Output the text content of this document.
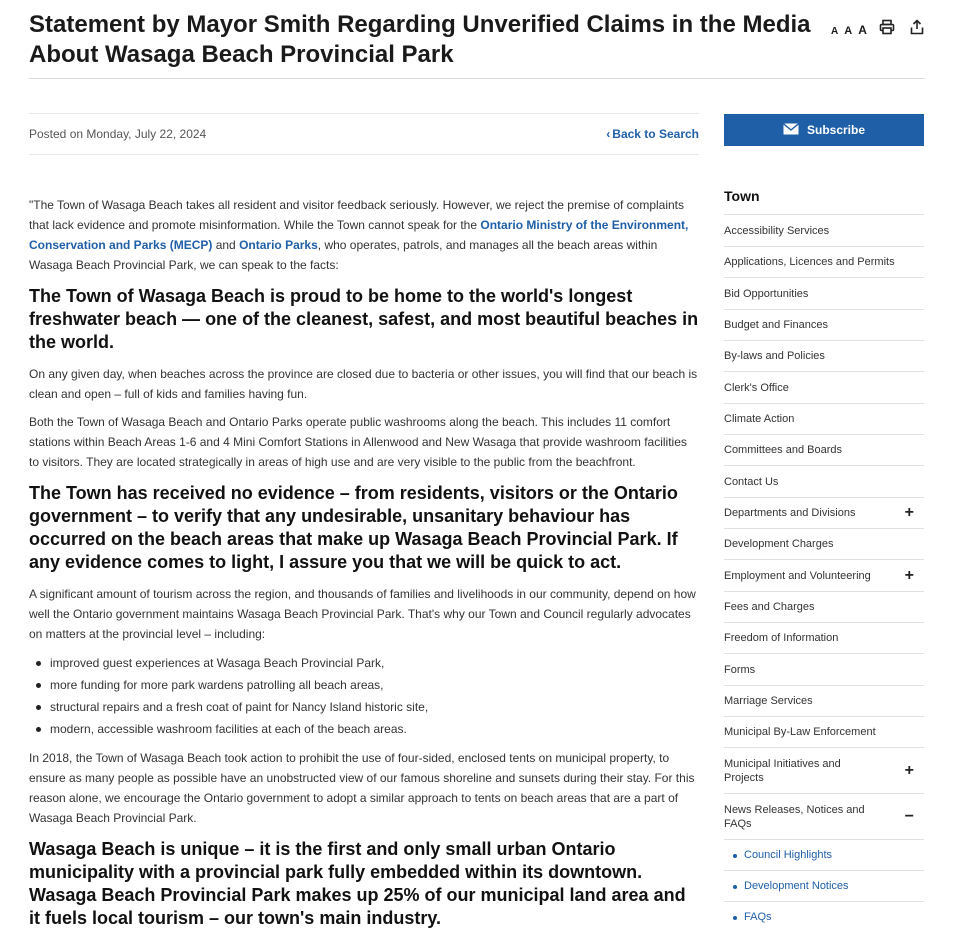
Statement by Mayor Smith Regarding Unverified Claims in the Media About Wasaga Beach Provincial Park
A A A
Posted on Monday, July 22, 2024	‹ Back to Search

"The Town of Wasaga Beach takes all resident and visitor feedback seriously. However, we reject the premise of complaints that lack evidence and promote misinformation. While the Town cannot speak for the Ontario Ministry of the Environment, Conservation and Parks (MECP) and Ontario Parks, who operates, patrols, and manages all the beach areas within Wasaga Beach Provincial Park, we can speak to the facts:

The Town of Wasaga Beach is proud to be home to the world's longest freshwater beach — one of the cleanest, safest, and most beautiful beaches in the world.

On any given day, when beaches across the province are closed due to bacteria or other issues, you will find that our beach is clean and open – full of kids and families having fun.

Both the Town of Wasaga Beach and Ontario Parks operate public washrooms along the beach. This includes 11 comfort stations within Beach Areas 1-6 and 4 Mini Comfort Stations in Allenwood and New Wasaga that provide washroom facilities to visitors. They are located strategically in areas of high use and are very visible to the public from the beachfront.

The Town has received no evidence – from residents, visitors or the Ontario government – to verify that any undesirable, unsanitary behaviour has occurred on the beach areas that make up Wasaga Beach Provincial Park. If any evidence comes to light, I assure you that we will be quick to act.

A significant amount of tourism across the region, and thousands of families and livelihoods in our community, depend on how well the Ontario government maintains Wasaga Beach Provincial Park. That's why our Town and Council regularly advocates on matters at the provincial level – including:

improved guest experiences at Wasaga Beach Provincial Park,
more funding for more park wardens patrolling all beach areas,
structural repairs and a fresh coat of paint for Nancy Island historic site,
modern, accessible washroom facilities at each of the beach areas.

In 2018, the Town of Wasaga Beach took action to prohibit the use of four-sided, enclosed tents on municipal property, to ensure as many people as possible have an unobstructed view of our famous shoreline and sunsets during their stay. For this reason alone, we encourage the Ontario government to adopt a similar approach to tents on beach areas that are a part of Wasaga Beach Provincial Park.

Wasaga Beach is unique – it is the first and only small urban Ontario municipality with a provincial park fully embedded within its downtown. Wasaga Beach Provincial Park makes up 25% of our municipal land area and it fuels local tourism – our town's main industry.
Subscribe
Town
Accessibility Services
Applications, Licences and Permits
Bid Opportunities
Budget and Finances
By-laws and Policies
Clerk's Office
Climate Action
Committees and Boards
Contact Us
Departments and Divisions	+
Development Charges
Employment and Volunteering +
Fees and Charges
Freedom of Information
Forms
Marriage Services
Municipal By-Law Enforcement
Municipal Initiatives and Projects	+
News Releases, Notices and FAQs	−
Council Highlights
Development Notices
FAQs
